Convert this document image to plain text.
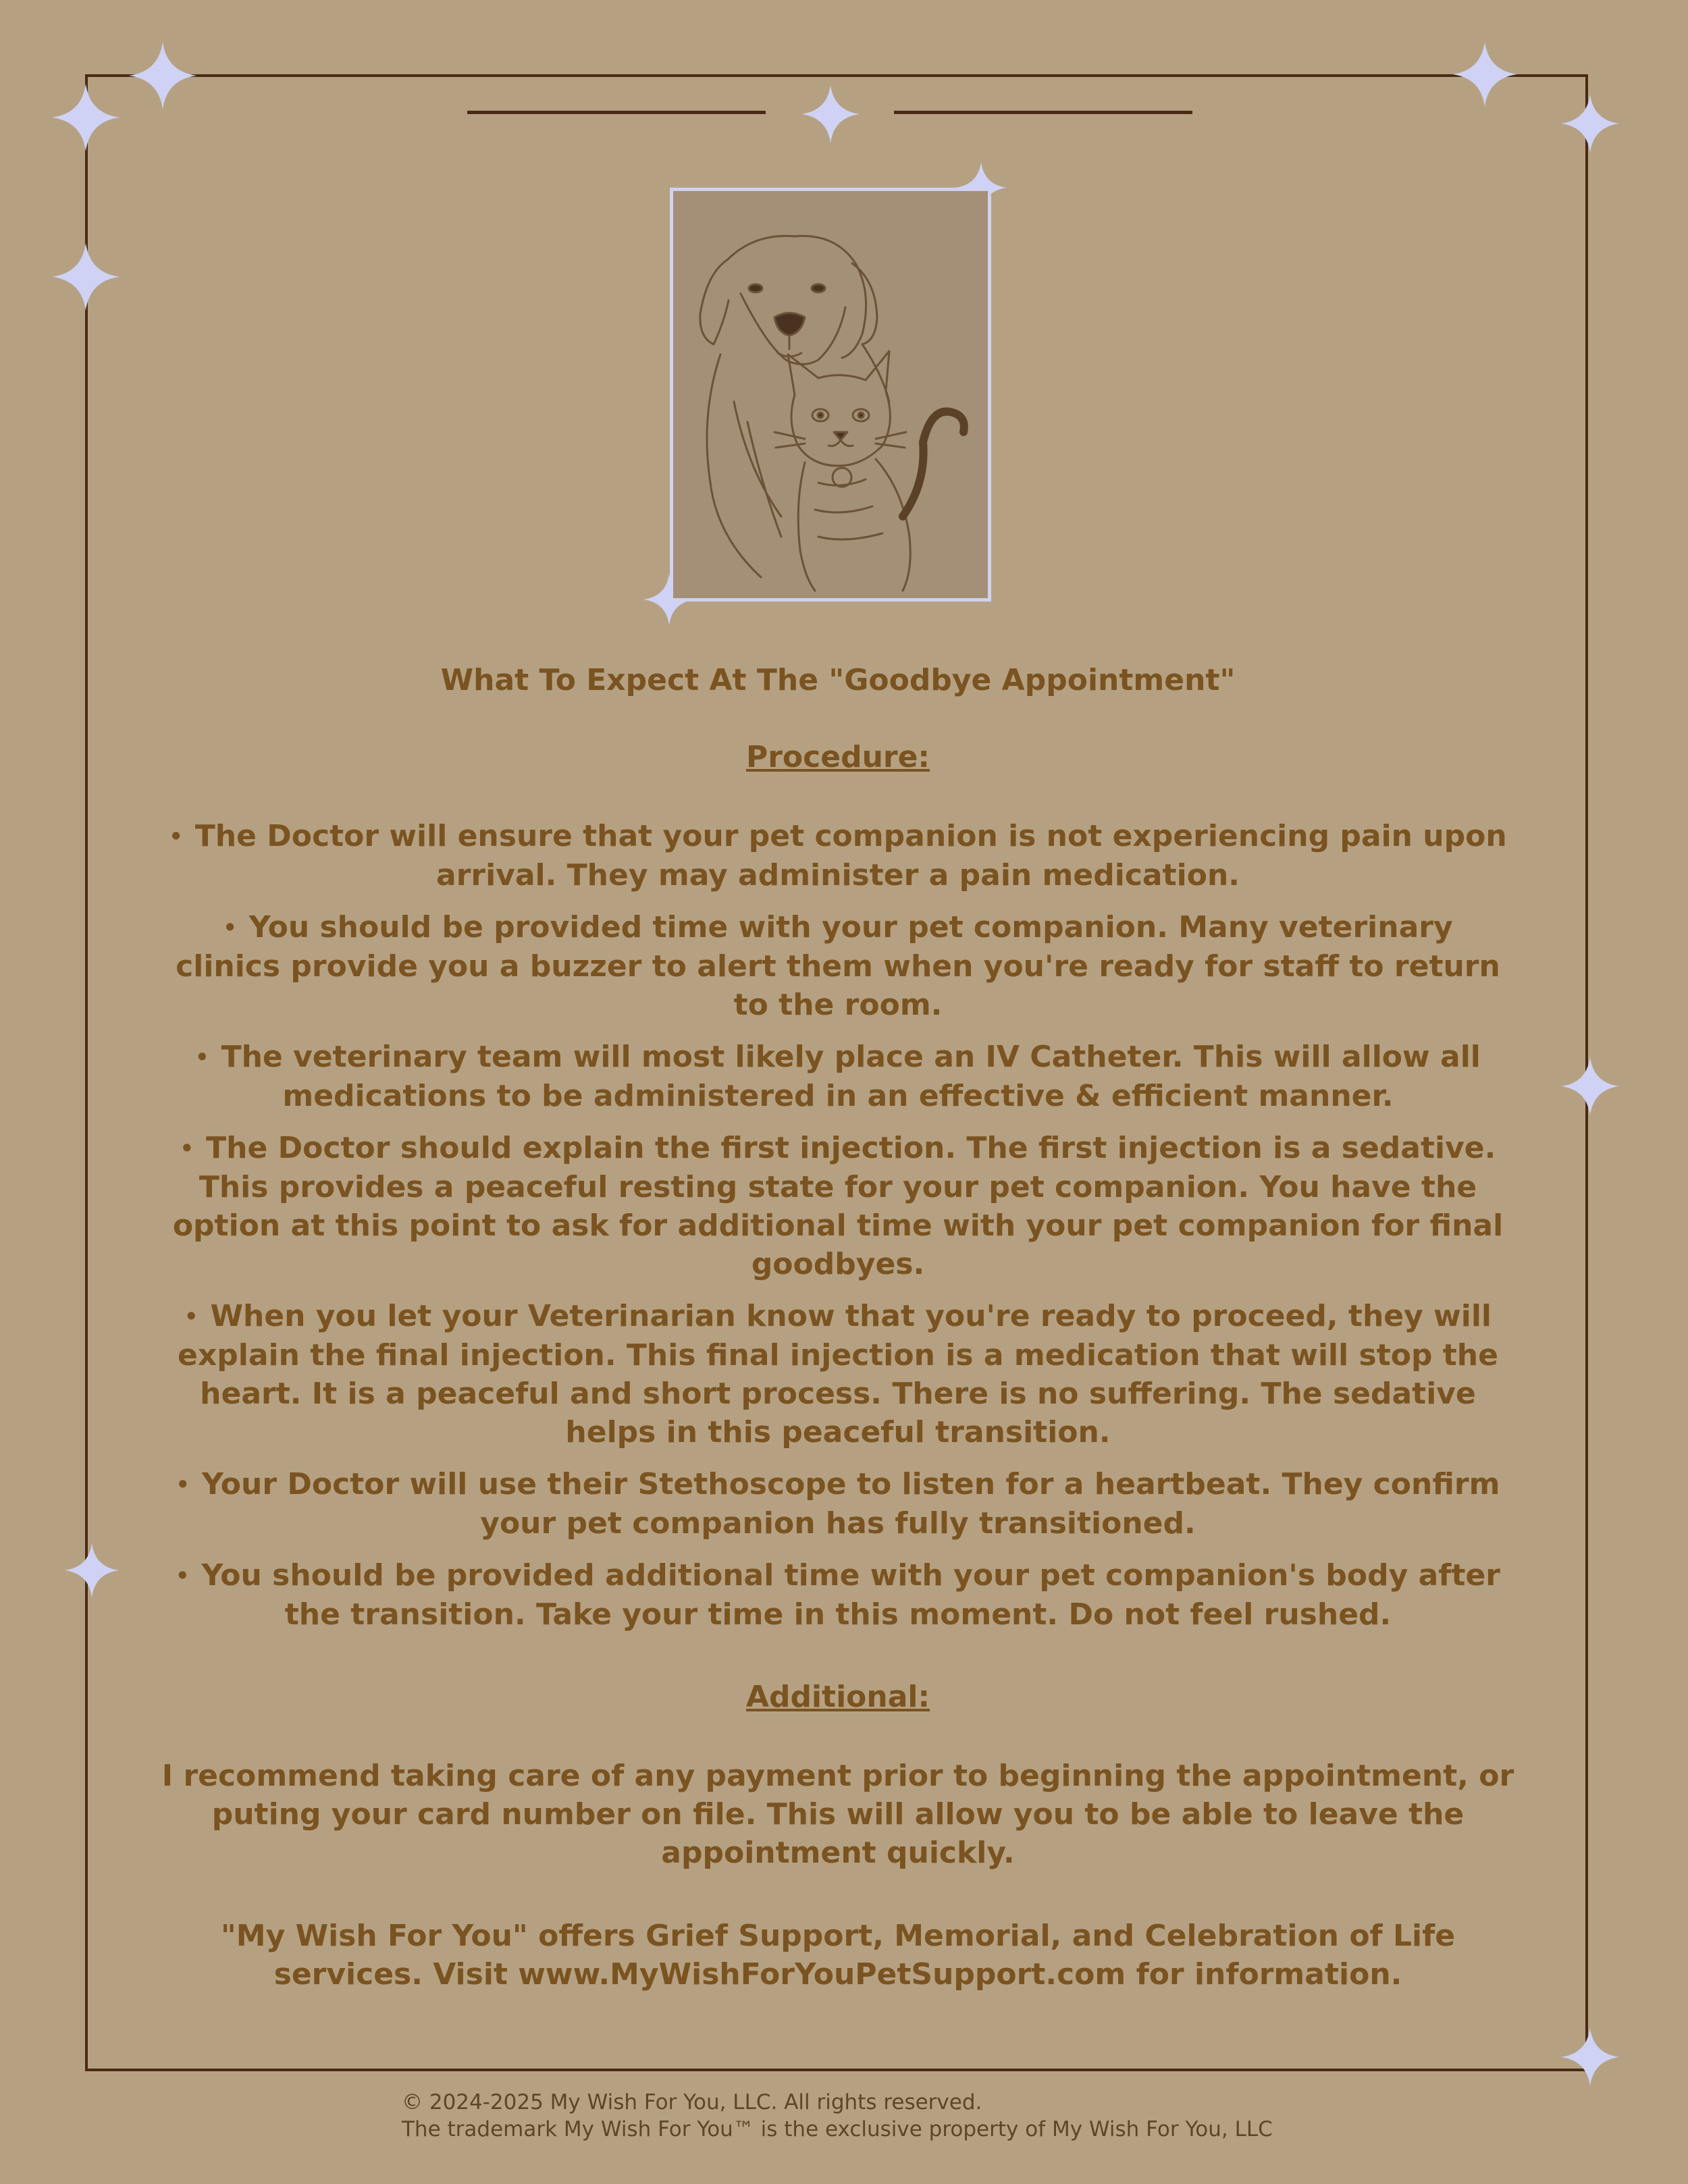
What To Expect At The "Goodbye Appointment"
Procedure:
• The Doctor will ensure that your pet companion is not experiencing pain upon arrival. They may administer a pain medication.
• You should be provided time with your pet companion. Many veterinary clinics provide you a buzzer to alert them when you're ready for staff to return to the room.
• The veterinary team will most likely place an IV Catheter. This will allow all medications to be administered in an effective & efficient manner.
• The Doctor should explain the first injection. The first injection is a sedative. This provides a peaceful resting state for your pet companion. You have the option at this point to ask for additional time with your pet companion for final goodbyes.
• When you let your Veterinarian know that you're ready to proceed, they will explain the final injection. This final injection is a medication that will stop the heart. It is a peaceful and short process. There is no suffering. The sedative helps in this peaceful transition.
• Your Doctor will use their Stethoscope to listen for a heartbeat. They confirm your pet companion has fully transitioned.
• You should be provided additional time with your pet companion's body after the transition. Take your time in this moment. Do not feel rushed.
Additional:

I recommend taking care of any payment prior to beginning the appointment, or puting your card number on file. This will allow you to be able to leave the appointment quickly.

"My Wish For You" offers Grief Support, Memorial, and Celebration of Life services. Visit www.MyWishForYouPetSupport.com for information.

© 2024-2025 My Wish For You, LLC. All rights reserved.
The trademark My Wish For You™ is the exclusive property of My Wish For You, LLC
